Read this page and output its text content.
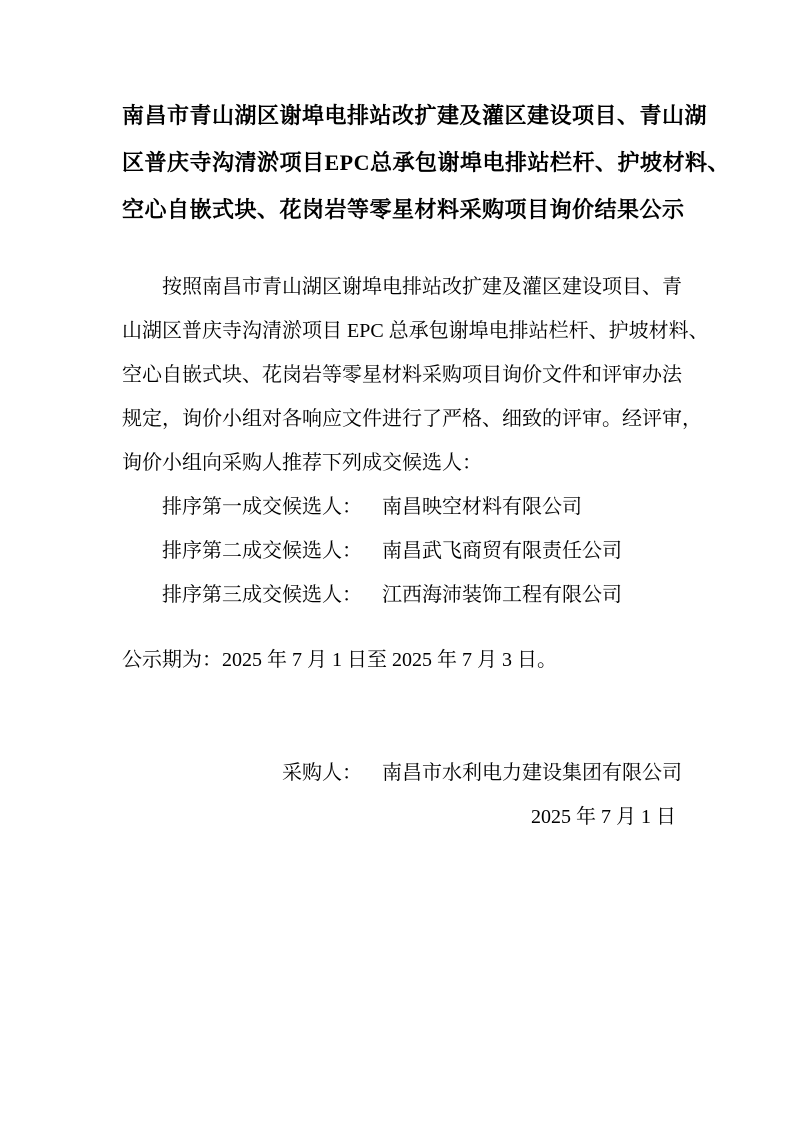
南昌市青山湖区谢埠电排站改扩建及灌区建设项目、青山湖
区普庆寺沟清淤项目EPC总承包谢埠电排站栏杆、护坡材料、
空心自嵌式块、花岗岩等零星材料采购项目询价结果公示
按照南昌市青山湖区谢埠电排站改扩建及灌区建设项目、青
山湖区普庆寺沟清淤项目 EPC 总承包谢埠电排站栏杆、护坡材料、
空心自嵌式块、花岗岩等零星材料采购项目询价文件和评审办法
规定，询价小组对各响应文件进行了严格、细致的评审。经评审，
询价小组向采购人推荐下列成交候选人：
排序第一成交候选人： 南昌映空材料有限公司
排序第二成交候选人： 南昌武飞商贸有限责任公司
排序第三成交候选人： 江西海沛装饰工程有限公司
公示期为：2025 年 7 月 1 日至 2025 年 7 月 3 日。
采购人： 南昌市水利电力建设集团有限公司
2025 年 7 月 1 日
